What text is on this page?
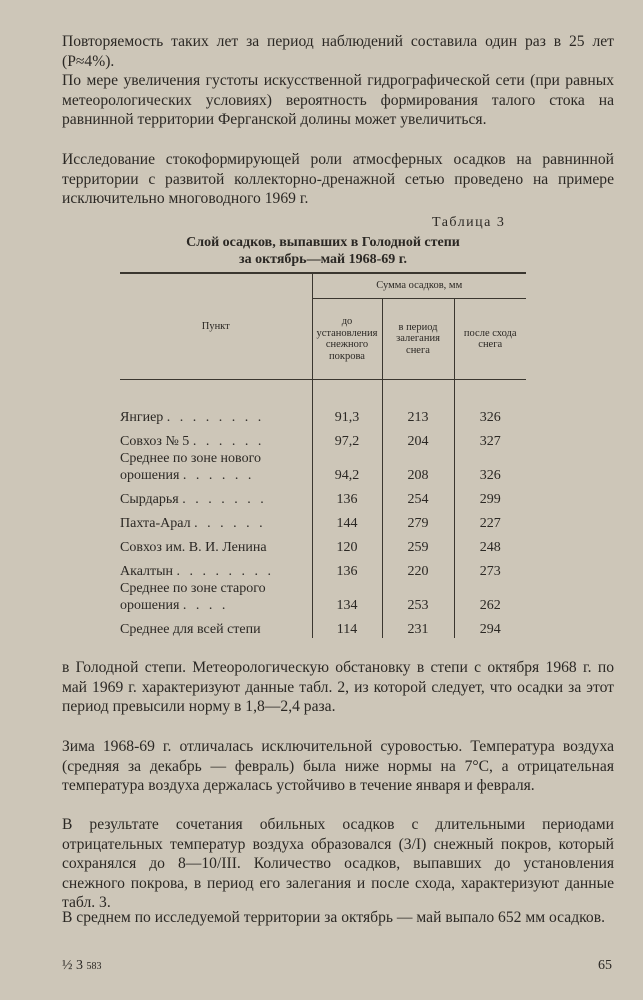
Повторяемость таких лет за период наблюдений составила один раз в 25 лет (P≈4%).
По мере увеличения густоты искусственной гидрографической сети (при равных метеорологических условиях) вероятность формирования талого стока на равнинной территории Ферганской долины может увеличиться.
Исследование стокоформирующей роли атмосферных осадков на равнинной территории с развитой коллекторно-дренажной сетью проведено на примере исключительно многоводного 1969 г.
Таблица 3
Слой осадков, выпавших в Голодной степи
за октябрь—май 1968-69 г.
Пункт	Сумма осадков, мм		
	до установления снежного покрова	в период залегания снега	после схода снега
Янгиер . . . . . . . .	91,3	213	326
Совхоз № 5 . . . . . .	97,2	204	327
Среднее по зоне нового орошения . . . . . .	94,2	208	326
Сырдарья . . . . . . .	136	254	299
Пахта-Арал . . . . . .	144	279	227
Совхоз им. В. И. Ленина	120	259	248
Акалтын . . . . . . . .	136	220	273
Среднее по зоне старого орошения . . . .	134	253	262
Среднее для всей степи	114	231	294
в Голодной степи. Метеорологическую обстановку в степи с октября 1968 г. по май 1969 г. характеризуют данные табл. 2, из которой следует, что осадки за этот период превысили норму в 1,8—2,4 раза.
Зима 1968-69 г. отличалась исключительной суровостью. Температура воздуха (средняя за декабрь — февраль) была ниже нормы на 7°С, а отрицательная температура воздуха держалась устойчиво в течение января и февраля.
В результате сочетания обильных осадков с длительными периодами отрицательных температур воздуха образовался (3/I) снежный покров, который сохранялся до 8—10/III. Количество осадков, выпавших до установления снежного покрова, в период его залегания и после схода, характеризуют данные табл. 3.
В среднем по исследуемой территории за октябрь — май выпало 652 мм осадков.
½ 3 583	65
